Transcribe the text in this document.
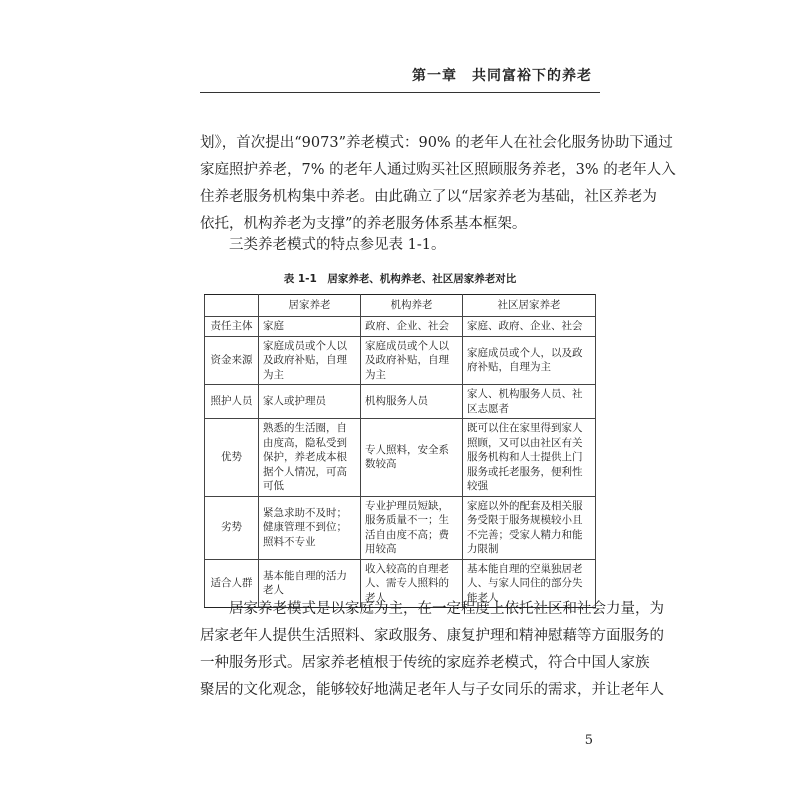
第一章　共同富裕下的养老
划》，首次提出“9073”养老模式：90% 的老年人在社会化服务协助下通过
家庭照护养老，7% 的老年人通过购买社区照顾服务养老，3% 的老年人入
住养老服务机构集中养老。由此确立了以“居家养老为基础，社区养老为
依托，机构养老为支撑”的养老服务体系基本框架。
三类养老模式的特点参见表 1-1。
表 1-1　居家养老、机构养老、社区居家养老对比
	居家养老	机构养老	社区居家养老
责任主体	家庭	政府、企业、社会	家庭、政府、企业、社会
资金来源	家庭成员或个人以及政府补贴，自理为主	家庭成员或个人以及政府补贴，自理为主	家庭成员或个人，以及政府补贴，自理为主
照护人员	家人或护理员	机构服务人员	家人、机构服务人员、社区志愿者
优势	熟悉的生活圈，自由度高，隐私受到保护，养老成本根据个人情况，可高可低	专人照料，安全系数较高	既可以住在家里得到家人照顾，又可以由社区有关服务机构和人士提供上门服务或托老服务，便利性较强
劣势	紧急求助不及时；健康管理不到位；照料不专业	专业护理员短缺，服务质量不一；生活自由度不高；费用较高	家庭以外的配套及相关服务受限于服务规模较小且不完善；受家人精力和能力限制
适合人群	基本能自理的活力老人	收入较高的自理老人、需专人照料的老人	基本能自理的空巢独居老人、与家人同住的部分失能老人
居家养老模式是以家庭为主，在一定程度上依托社区和社会力量，为
居家老年人提供生活照料、家政服务、康复护理和精神慰藉等方面服务的
一种服务形式。居家养老植根于传统的家庭养老模式，符合中国人家族
聚居的文化观念，能够较好地满足老年人与子女同乐的需求，并让老年人
5
